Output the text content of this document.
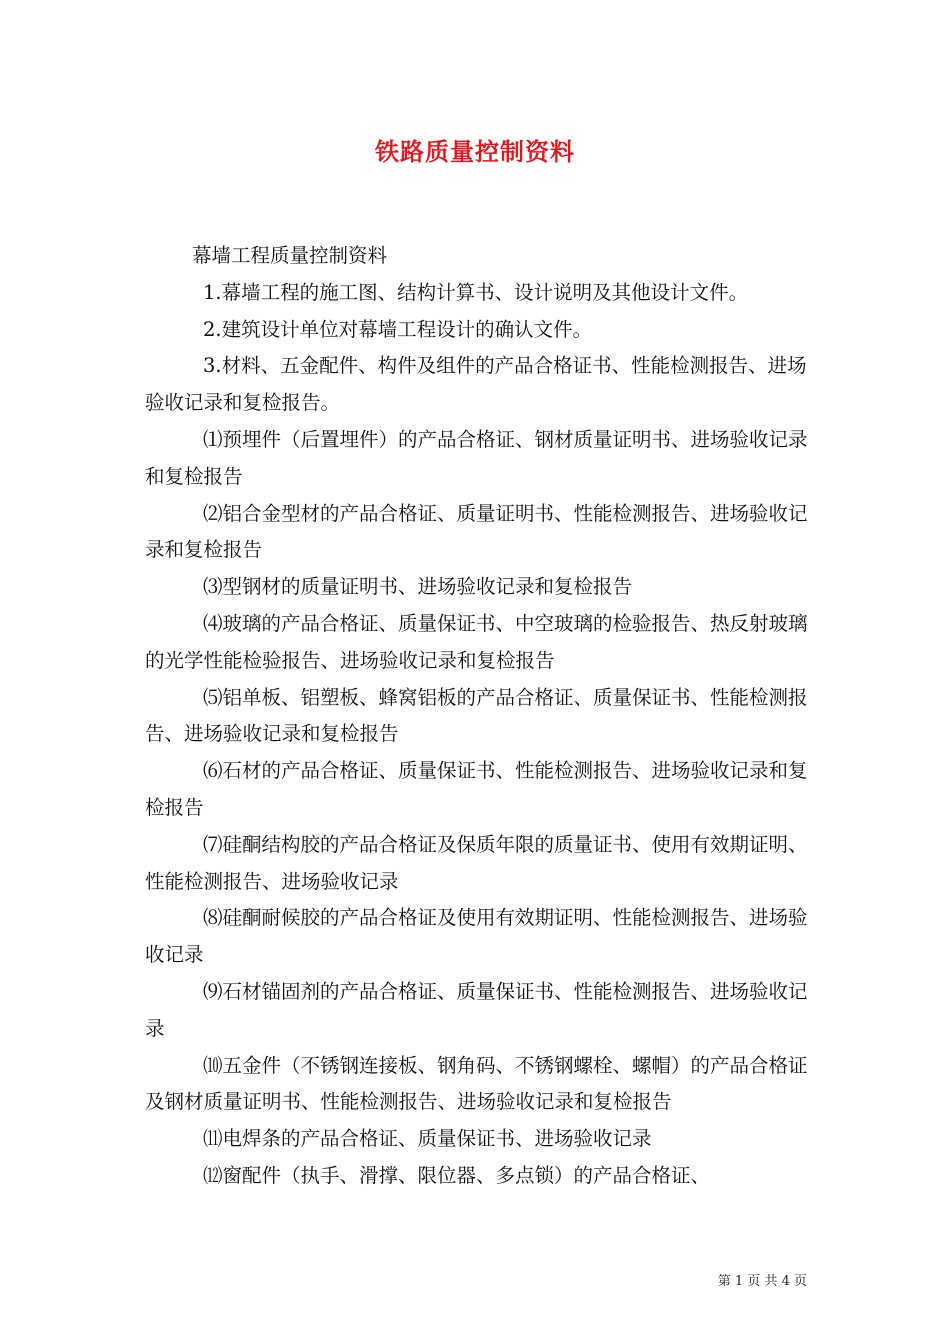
铁路质量控制资料

幕墙工程质量控制资料

1.幕墙工程的施工图、结构计算书、设计说明及其他设计文件。

2.建筑设计单位对幕墙工程设计的确认文件。

3.材料、五金配件、构件及组件的产品合格证书、性能检测报告、进场验收记录和复检报告。

⑴预埋件（后置埋件）的产品合格证、钢材质量证明书、进场验收记录和复检报告

⑵铝合金型材的产品合格证、质量证明书、性能检测报告、进场验收记录和复检报告

⑶型钢材的质量证明书、进场验收记录和复检报告

⑷玻璃的产品合格证、质量保证书、中空玻璃的检验报告、热反射玻璃的光学性能检验报告、进场验收记录和复检报告

⑸铝单板、铝塑板、蜂窝铝板的产品合格证、质量保证书、性能检测报告、进场验收记录和复检报告

⑹石材的产品合格证、质量保证书、性能检测报告、进场验收记录和复检报告

⑺硅酮结构胶的产品合格证及保质年限的质量证书、使用有效期证明、性能检测报告、进场验收记录

⑻硅酮耐候胶的产品合格证及使用有效期证明、性能检测报告、进场验收记录

⑼石材锚固剂的产品合格证、质量保证书、性能检测报告、进场验收记录

⑽五金件（不锈钢连接板、钢角码、不锈钢螺栓、螺帽）的产品合格证及钢材质量证明书、性能检测报告、进场验收记录和复检报告

⑾电焊条的产品合格证、质量保证书、进场验收记录

⑿窗配件（执手、滑撑、限位器、多点锁）的产品合格证、

第 1 页 共 4 页
